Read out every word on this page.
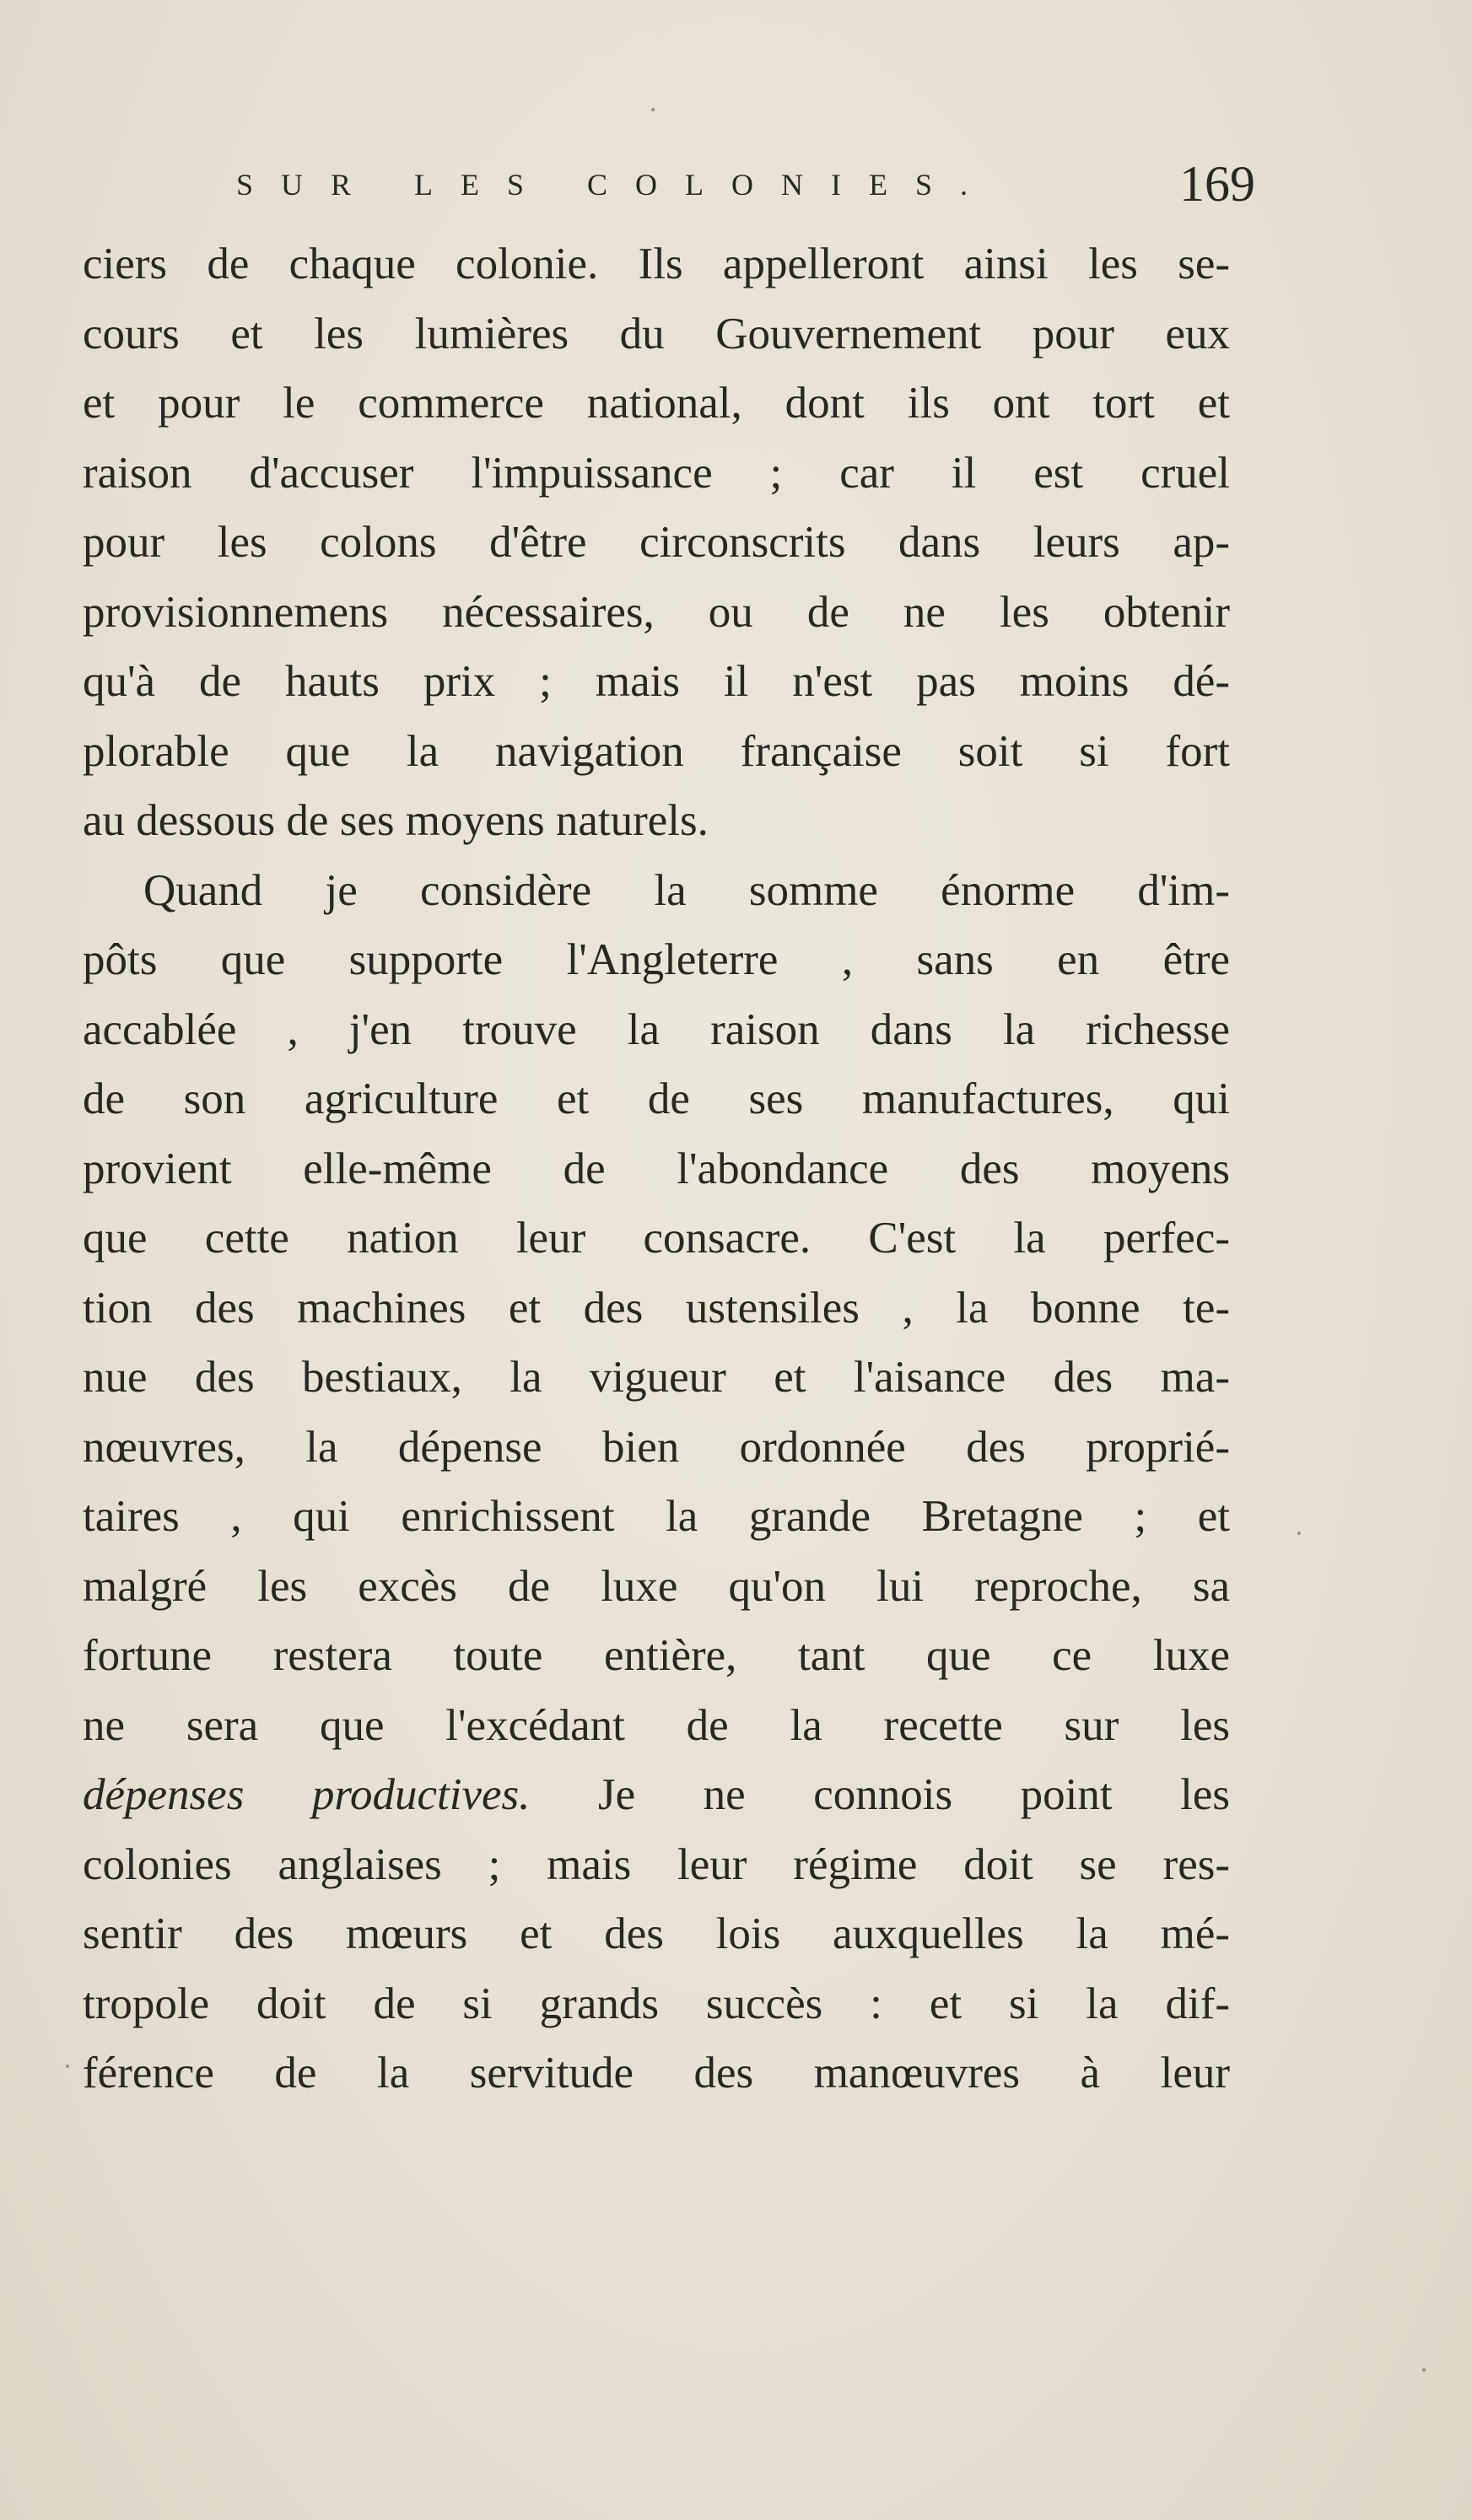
SUR LES COLONIES.	169
ciers de chaque colonie. Ils appelleront ainsi les se-
cours et les lumières du Gouvernement pour eux
et pour le commerce national, dont ils ont tort et
raison d'accuser l'impuissance ; car il est cruel
pour les colons d'être circonscrits dans leurs ap-
provisionnemens nécessaires, ou de ne les obtenir
qu'à de hauts prix ; mais il n'est pas moins dé-
plorable que la navigation française soit si fort
au dessous de ses moyens naturels.
Quand je considère la somme énorme d'im-
pôts que supporte l'Angleterre , sans en être
accablée , j'en trouve la raison dans la richesse
de son agriculture et de ses manufactures, qui
provient elle-même de l'abondance des moyens
que cette nation leur consacre. C'est la perfec-
tion des machines et des ustensiles , la bonne te-
nue des bestiaux, la vigueur et l'aisance des ma-
nœuvres, la dépense bien ordonnée des proprié-
taires , qui enrichissent la grande Bretagne ; et
malgré les excès de luxe qu'on lui reproche, sa
fortune restera toute entière, tant que ce luxe
ne sera que l'excédant de la recette sur les
dépenses productives. Je ne connois point les
colonies anglaises ; mais leur régime doit se res-
sentir des mœurs et des lois auxquelles la mé-
tropole doit de si grands succès : et si la dif-
férence de la servitude des manœuvres à leur
